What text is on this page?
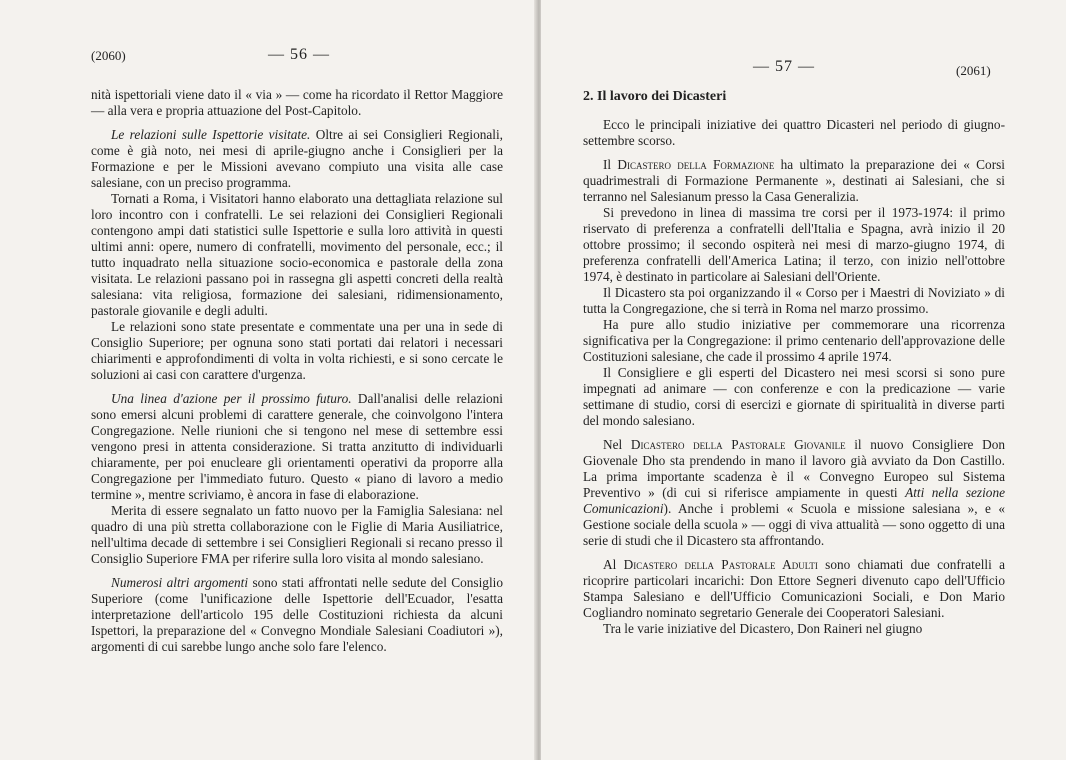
(2060)	— 56 —

nità ispettoriali viene dato il « via » — come ha ricordato il Rettor Maggiore — alla vera e propria attuazione del Post-Capitolo.

Le relazioni sulle Ispettorie visitate. Oltre ai sei Consiglieri Regionali, come è già noto, nei mesi di aprile-giugno anche i Consiglieri per la Formazione e per le Missioni avevano compiuto una visita alle case salesiane, con un preciso programma.

Tornati a Roma, i Visitatori hanno elaborato una dettagliata relazione sul loro incontro con i confratelli. Le sei relazioni dei Consiglieri Regionali contengono ampi dati statistici sulle Ispettorie e sulla loro attività in questi ultimi anni: opere, numero di confratelli, movimento del personale, ecc.; il tutto inquadrato nella situazione socio-economica e pastorale della zona visitata. Le relazioni passano poi in rassegna gli aspetti concreti della realtà salesiana: vita religiosa, formazione dei salesiani, ridimensionamento, pastorale giovanile e degli adulti.

Le relazioni sono state presentate e commentate una per una in sede di Consiglio Superiore; per ognuna sono stati portati dai relatori i necessari chiarimenti e approfondimenti di volta in volta richiesti, e si sono cercate le soluzioni ai casi con carattere d'urgenza.

Una linea d'azione per il prossimo futuro. Dall'analisi delle relazioni sono emersi alcuni problemi di carattere generale, che coinvolgono l'intera Congregazione. Nelle riunioni che si tengono nel mese di settembre essi vengono presi in attenta considerazione. Si tratta anzitutto di individuarli chiaramente, per poi enucleare gli orientamenti operativi da proporre alla Congregazione per l'immediato futuro. Questo « piano di lavoro a medio termine », mentre scriviamo, è ancora in fase di elaborazione.

Merita di essere segnalato un fatto nuovo per la Famiglia Salesiana: nel quadro di una più stretta collaborazione con le Figlie di Maria Ausiliatrice, nell'ultima decade di settembre i sei Consiglieri Regionali si recano presso il Consiglio Superiore FMA per riferire sulla loro visita al mondo salesiano.

Numerosi altri argomenti sono stati affrontati nelle sedute del Consiglio Superiore (come l'unificazione delle Ispettorie dell'Ecuador, l'esatta interpretazione dell'articolo 195 delle Costituzioni richiesta da alcuni Ispettori, la preparazione del « Convegno Mondiale Salesiani Coadiutori »), argomenti di cui sarebbe lungo anche solo fare l'elenco.

— 57 —	(2061)
2. Il lavoro dei Dicasteri

Ecco le principali iniziative dei quattro Dicasteri nel periodo di giugno-settembre scorso.

Il Dicastero della Formazione ha ultimato la preparazione dei « Corsi quadrimestrali di Formazione Permanente », destinati ai Salesiani, che si terranno nel Salesianum presso la Casa Generalizia.

Si prevedono in linea di massima tre corsi per il 1973-1974: il primo riservato di preferenza a confratelli dell'Italia e Spagna, avrà inizio il 20 ottobre prossimo; il secondo ospiterà nei mesi di marzo-giugno 1974, di preferenza confratelli dell'America Latina; il terzo, con inizio nell'ottobre 1974, è destinato in particolare ai Salesiani dell'Oriente.

Il Dicastero sta poi organizzando il « Corso per i Maestri di Noviziato » di tutta la Congregazione, che si terrà in Roma nel marzo prossimo.

Ha pure allo studio iniziative per commemorare una ricorrenza significativa per la Congregazione: il primo centenario dell'approvazione delle Costituzioni salesiane, che cade il prossimo 4 aprile 1974.

Il Consigliere e gli esperti del Dicastero nei mesi scorsi si sono pure impegnati ad animare — con conferenze e con la predicazione — varie settimane di studio, corsi di esercizi e giornate di spiritualità in diverse parti del mondo salesiano.

Nel Dicastero della Pastorale Giovanile il nuovo Consigliere Don Giovenale Dho sta prendendo in mano il lavoro già avviato da Don Castillo. La prima importante scadenza è il « Convegno Europeo sul Sistema Preventivo » (di cui si riferisce ampiamente in questi Atti nella sezione Comunicazioni). Anche i problemi « Scuola e missione salesiana », e « Gestione sociale della scuola » — oggi di viva attualità — sono oggetto di una serie di studi che il Dicastero sta affrontando.

Al Dicastero della Pastorale Adulti sono chiamati due confratelli a ricoprire particolari incarichi: Don Ettore Segneri divenuto capo dell'Ufficio Stampa Salesiano e dell'Ufficio Comunicazioni Sociali, e Don Mario Cogliandro nominato segretario Generale dei Cooperatori Salesiani.

Tra le varie iniziative del Dicastero, Don Raineri nel giugno
